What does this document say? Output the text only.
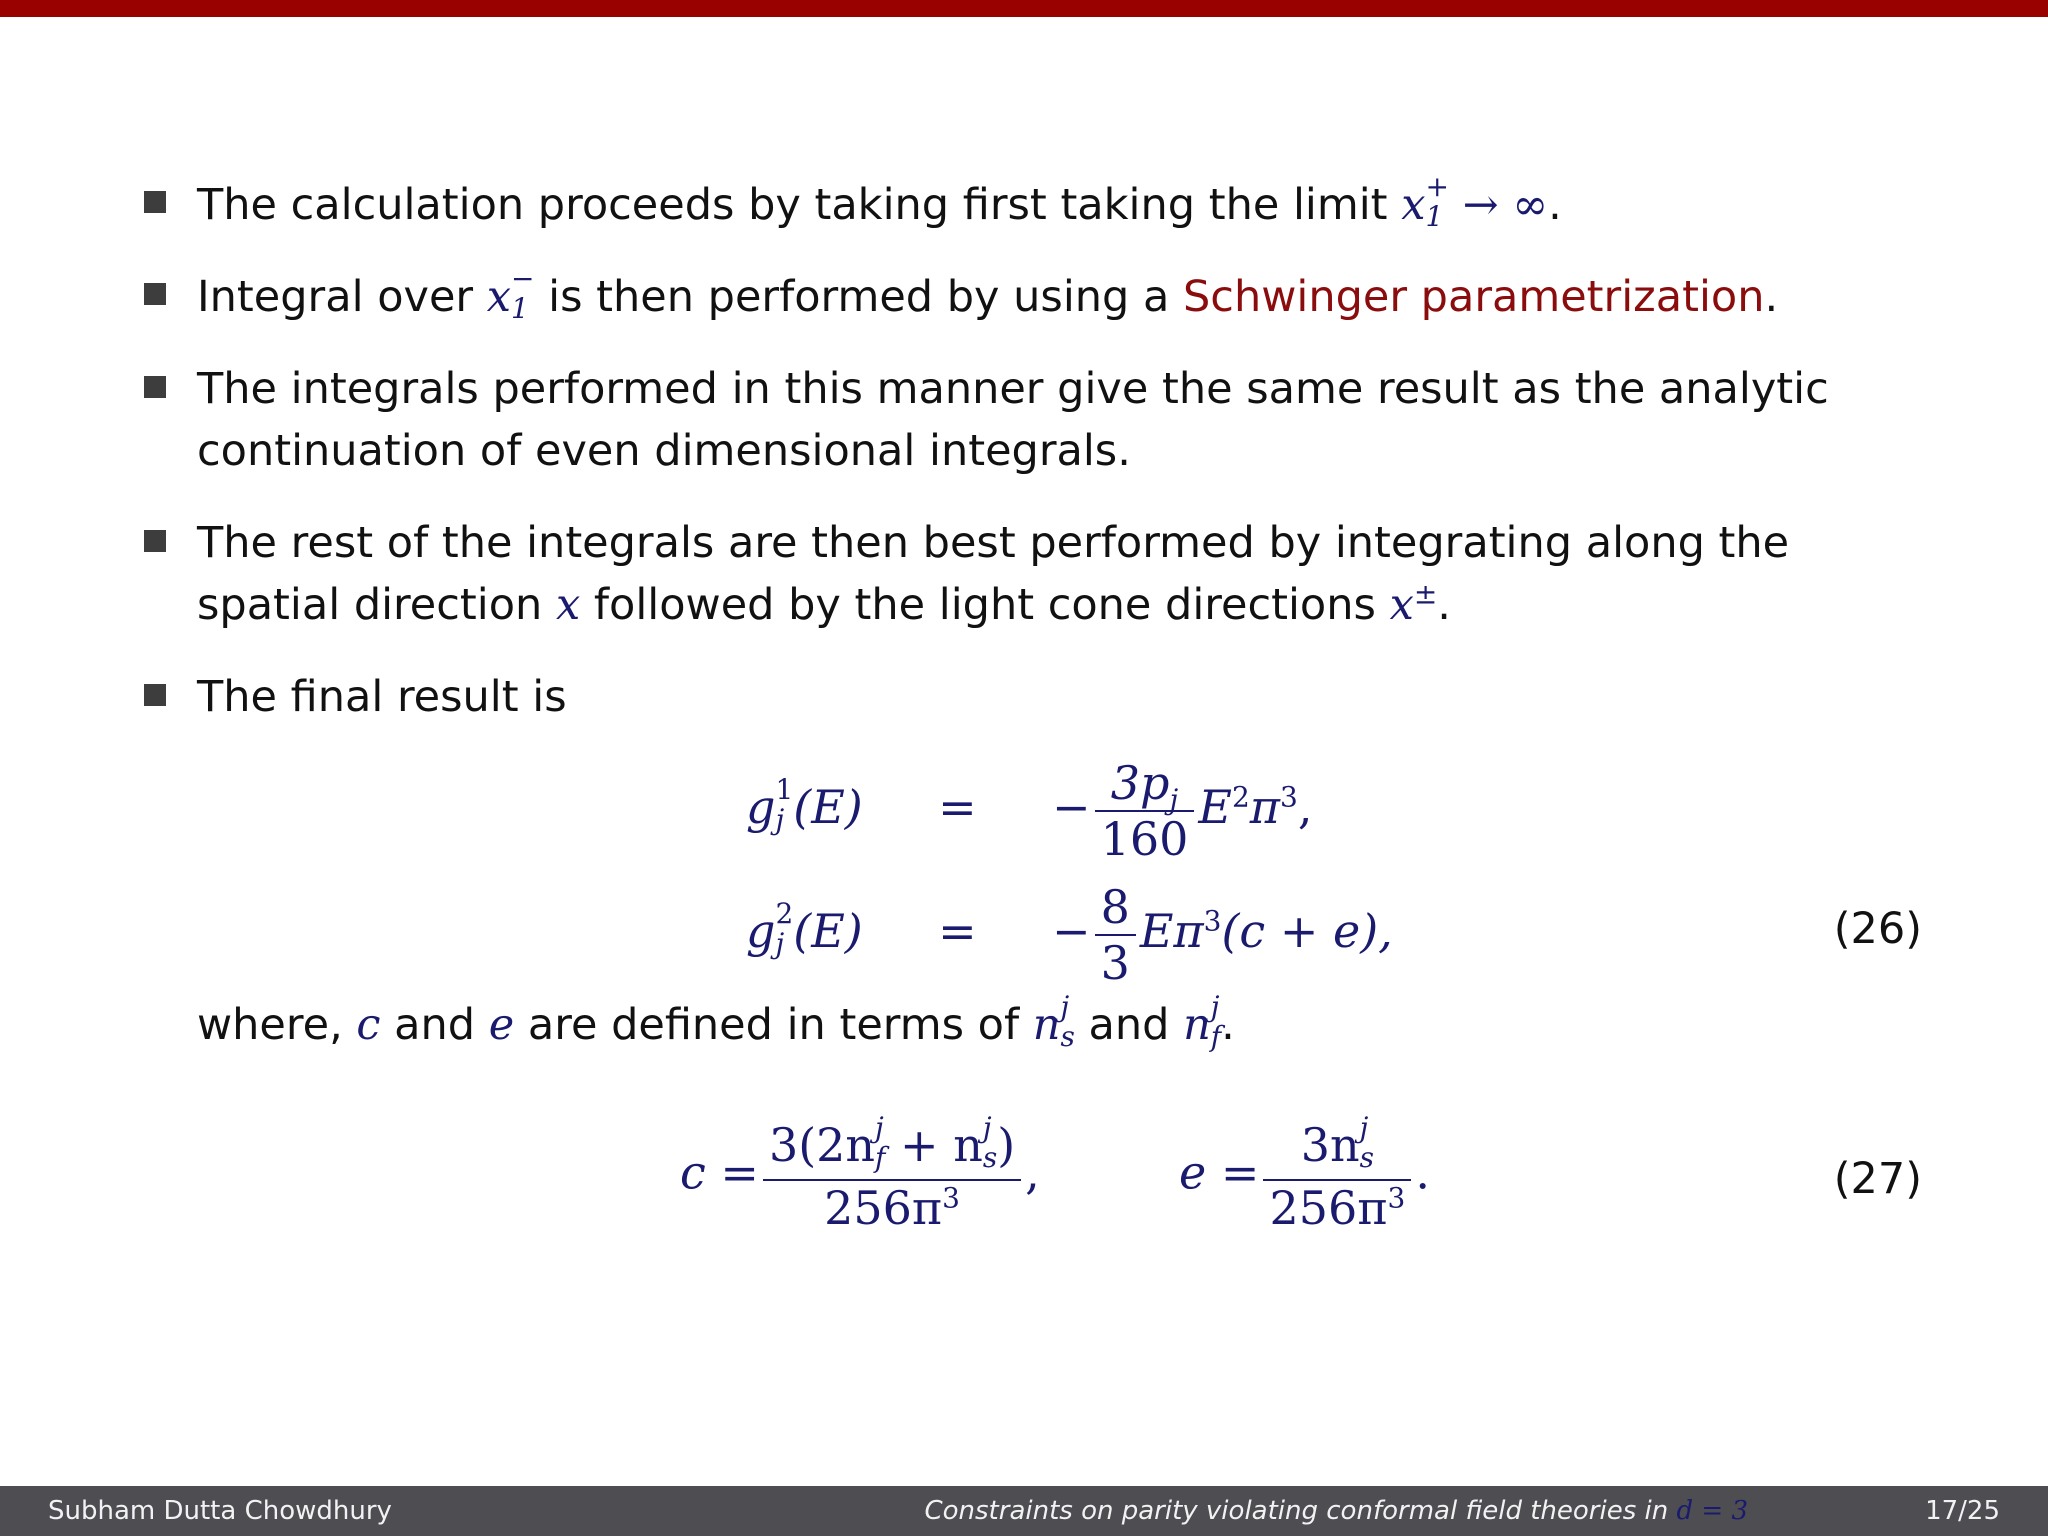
The calculation proceeds by taking first taking the limit x +
1 → ∞.
Integral over x −
1 is then performed by using a Schwinger parametrization.
The integrals performed in this manner give the same result as the analytic
continuation of even dimensional integrals.
The rest of the integrals are then best performed by integrating along the
spatial direction x followed by the light cone directions x±.
The final result is
g 1
j (E) = − $\frac{3p_j}{160} E^2\pi^3$,
g 2
j (E) = − $\frac{8}{3} E\pi^3(c + e)$,	(26)
where, c and e are defined in terms of n j
s and n j
f .
c = 3(2n j
f + n j
s )
$256\pi^3$ ,	e = 3n j
s
$256\pi^3$ .	(27)
Subham Dutta Chowdhury	Constraints on parity violating conformal field theories in d = 3	17/25
